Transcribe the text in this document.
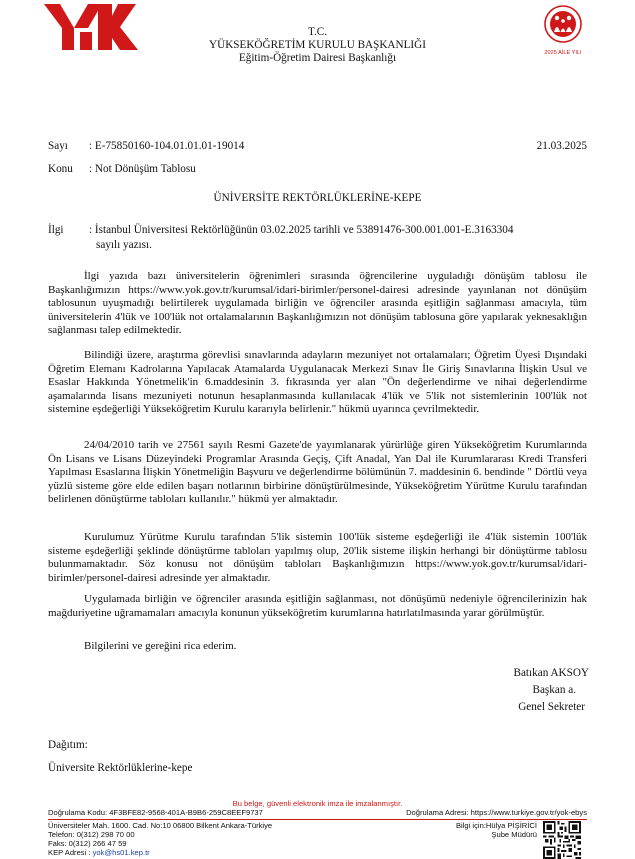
2025 AİLE YILI
T.C.
YÜKSEKÖĞRETİM KURULU BAŞKANLIĞI
Eğitim-Öğretim Dairesi Başkanlığı
Sayı : E-75850160-104.01.01.01-19014	21.03.2025
Konu : Not Dönüşüm Tablosu
ÜNİVERSİTE REKTÖRLÜKLERİNE-KEPE
İlgi : İstanbul Üniversitesi Rektörlüğünün 03.02.2025 tarihli ve 53891476-300.001.001-E.3163304
sayılı yazısı.
İlgi yazıda bazı üniversitelerin öğrenimleri sırasında öğrencilerine uyguladığı dönüşüm tablosu ile Başkanlığımızın https://www.yok.gov.tr/kurumsal/idari-birimler/personel-dairesi adresinde yayınlanan not dönüşüm tablosunun uyuşmadığı belirtilerek uygulamada birliğin ve öğrenciler arasında eşitliğin sağlanması amacıyla, tüm üniversitelerin 4'lük ve 100'lük not ortalamalarının Başkanlığımızın not dönüşüm tablosuna göre yapılarak yeknesaklığın sağlanması talep edilmektedir.
Bilindiği üzere, araştırma görevlisi sınavlarında adayların mezuniyet not ortalamaları; Öğretim Üyesi Dışındaki Öğretim Elemanı Kadrolarına Yapılacak Atamalarda Uygulanacak Merkezi Sınav İle Giriş Sınavlarına İlişkin Usul ve Esaslar Hakkında Yönetmelik'in 6.maddesinin 3. fıkrasında yer alan "Ön değerlendirme ve nihai değerlendirme aşamalarında lisans mezuniyeti notunun hesaplanmasında kullanılacak 4'lük ve 5'lik not sistemlerinin 100'lük not sistemine eşdeğerliği Yükseköğretim Kurulu kararıyla belirlenir." hükmü uyarınca çevrilmektedir.
24/04/2010 tarih ve 27561 sayılı Resmi Gazete'de yayımlanarak yürürlüğe giren Yükseköğretim Kurumlarında Ön Lisans ve Lisans Düzeyindeki Programlar Arasında Geçiş, Çift Anadal, Yan Dal ile Kurumlararası Kredi Transferi Yapılması Esaslarına İlişkin Yönetmeliğin Başvuru ve değerlendirme bölümünün 7. maddesinin 6. bendinde " Dörtlü veya yüzlü sisteme göre elde edilen başarı notlarının birbirine dönüştürülmesinde, Yükseköğretim Yürütme Kurulu tarafından belirlenen dönüştürme tabloları kullanılır." hükmü yer almaktadır.
Kurulumuz Yürütme Kurulu tarafından 5'lik sistemin 100'lük sisteme eşdeğerliği ile 4'lük sistemin 100'lük sisteme eşdeğerliği şeklinde dönüştürme tabloları yapılmış olup, 20'lik sisteme ilişkin herhangi bir dönüştürme tablosu bulunmamaktadır. Söz konusu not dönüşüm tabloları Başkanlığımızın https://www.yok.gov.tr/kurumsal/idari-birimler/personel-dairesi adresinde yer almaktadır.
Uygulamada birliğin ve öğrenciler arasında eşitliğin sağlanması, not dönüşümü nedeniyle öğrencilerinizin hak mağduriyetine uğramamaları amacıyla konunun yükseköğretim kurumlarına hatırlatılmasında yarar görülmüştür.
Bilgilerini ve gereğini rica ederim.
Batıkan AKSOY
Başkan a.
Genel Sekreter
Dağıtım:
Üniversite Rektörlüklerine-kepe
Bu belge, güvenli elektronik imza ile imzalanmıştır.
Doğrulama Kodu: 4F3BFE82-9568-401A-B9B6-259C8EEF9737	Doğrulama Adresi: https://www.turkiye.gov.tr/yok-ebys
Üniversiteler Mah. 1600. Cad. No:10 06800 Bilkent Ankara-Türkiye
Telefon: 0(312) 298 70 00
Faks: 0(312) 266 47 59
KEP Adresi : yok@hs01.kep.tr
Bilgi için:Hülya PİŞİRİCİ
Şube Müdürü
